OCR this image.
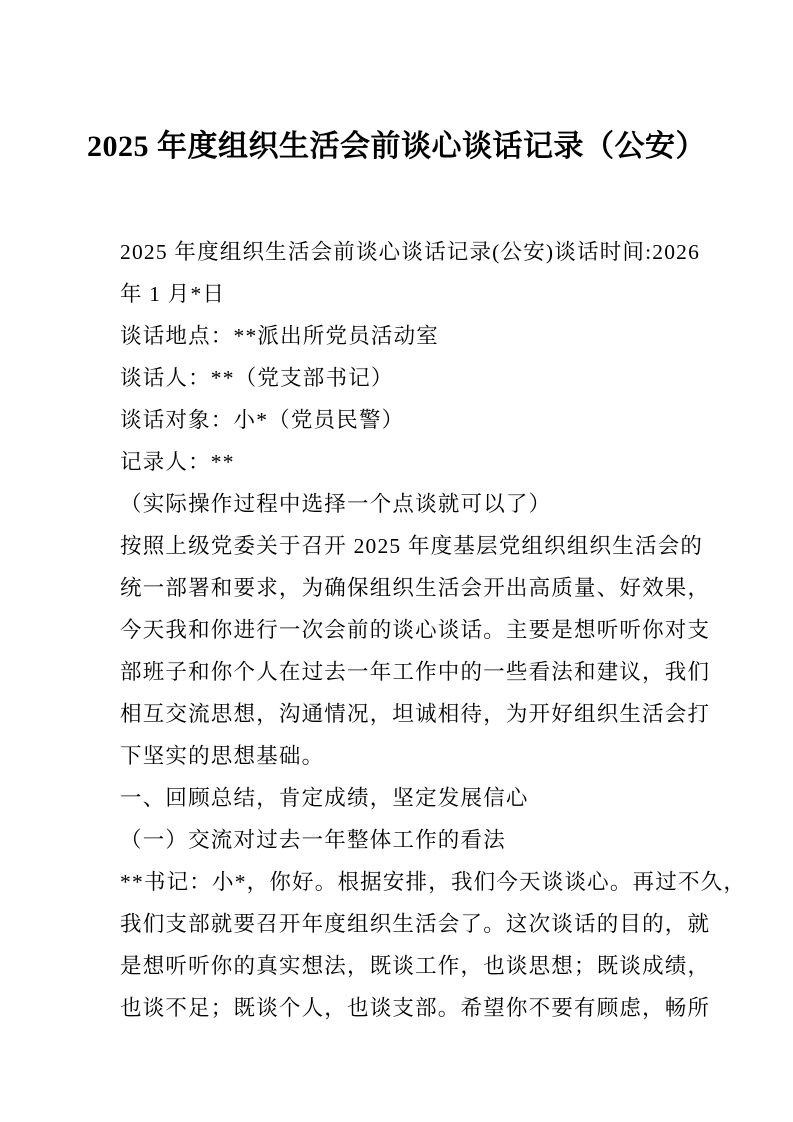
2025 年度组织生活会前谈心谈话记录（公安）
2025 年度组织生活会前谈心谈话记录(公安)谈话时间:2026
年 1 月*日
谈话地点：**派出所党员活动室
谈话人：**（党支部书记）
谈话对象：小*（党员民警）
记录人：**
（实际操作过程中选择一个点谈就可以了）
按照上级党委关于召开 2025 年度基层党组织组织生活会的
统一部署和要求，为确保组织生活会开出高质量、好效果，
今天我和你进行一次会前的谈心谈话。主要是想听听你对支
部班子和你个人在过去一年工作中的一些看法和建议，我们
相互交流思想，沟通情况，坦诚相待，为开好组织生活会打
下坚实的思想基础。
一、回顾总结，肯定成绩，坚定发展信心
（一）交流对过去一年整体工作的看法
**书记：小*，你好。根据安排，我们今天谈谈心。再过不久，
我们支部就要召开年度组织生活会了。这次谈话的目的，就
是想听听你的真实想法，既谈工作，也谈思想；既谈成绩，
也谈不足；既谈个人，也谈支部。希望你不要有顾虑，畅所
